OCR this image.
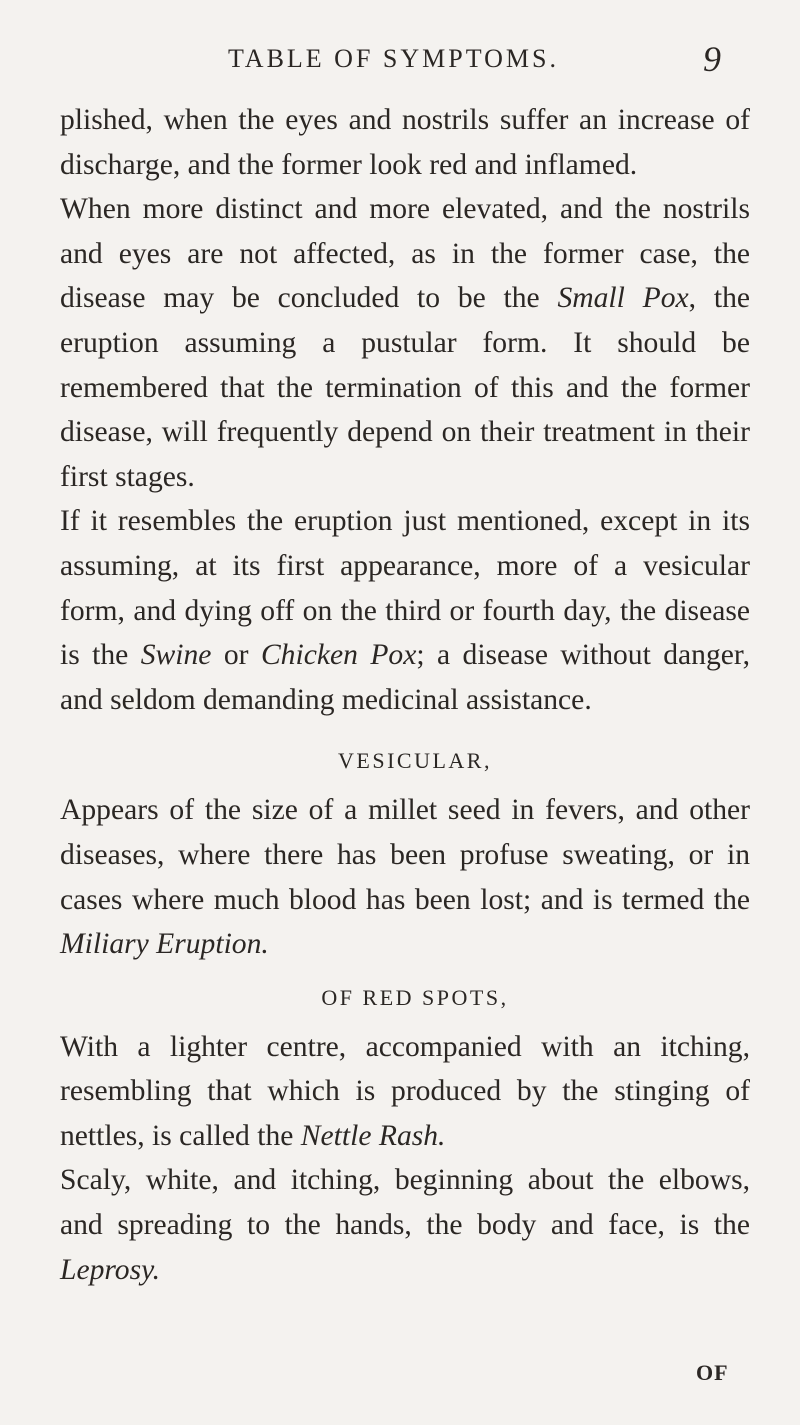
TABLE OF SYMPTOMS.	9

plished, when the eyes and nostrils suffer an increase of discharge, and the former look red and inflamed.

When more distinct and more elevated, and the nostrils and eyes are not affected, as in the former case, the disease may be concluded to be the Small Pox, the eruption assuming a pustular form. It should be remembered that the termination of this and the former disease, will frequently depend on their treatment in their first stages.

If it resembles the eruption just mentioned, except in its assuming, at its first appearance, more of a vesicular form, and dying off on the third or fourth day, the disease is the Swine or Chicken Pox; a disease without danger, and seldom demanding medicinal assistance.

VESICULAR,

Appears of the size of a millet seed in fevers, and other diseases, where there has been profuse sweating, or in cases where much blood has been lost; and is termed the Miliary Eruption.

OF RED SPOTS,

With a lighter centre, accompanied with an itching, resembling that which is produced by the stinging of nettles, is called the Nettle Rash.

Scaly, white, and itching, beginning about the elbows, and spreading to the hands, the body and face, is the Leprosy.

OF
